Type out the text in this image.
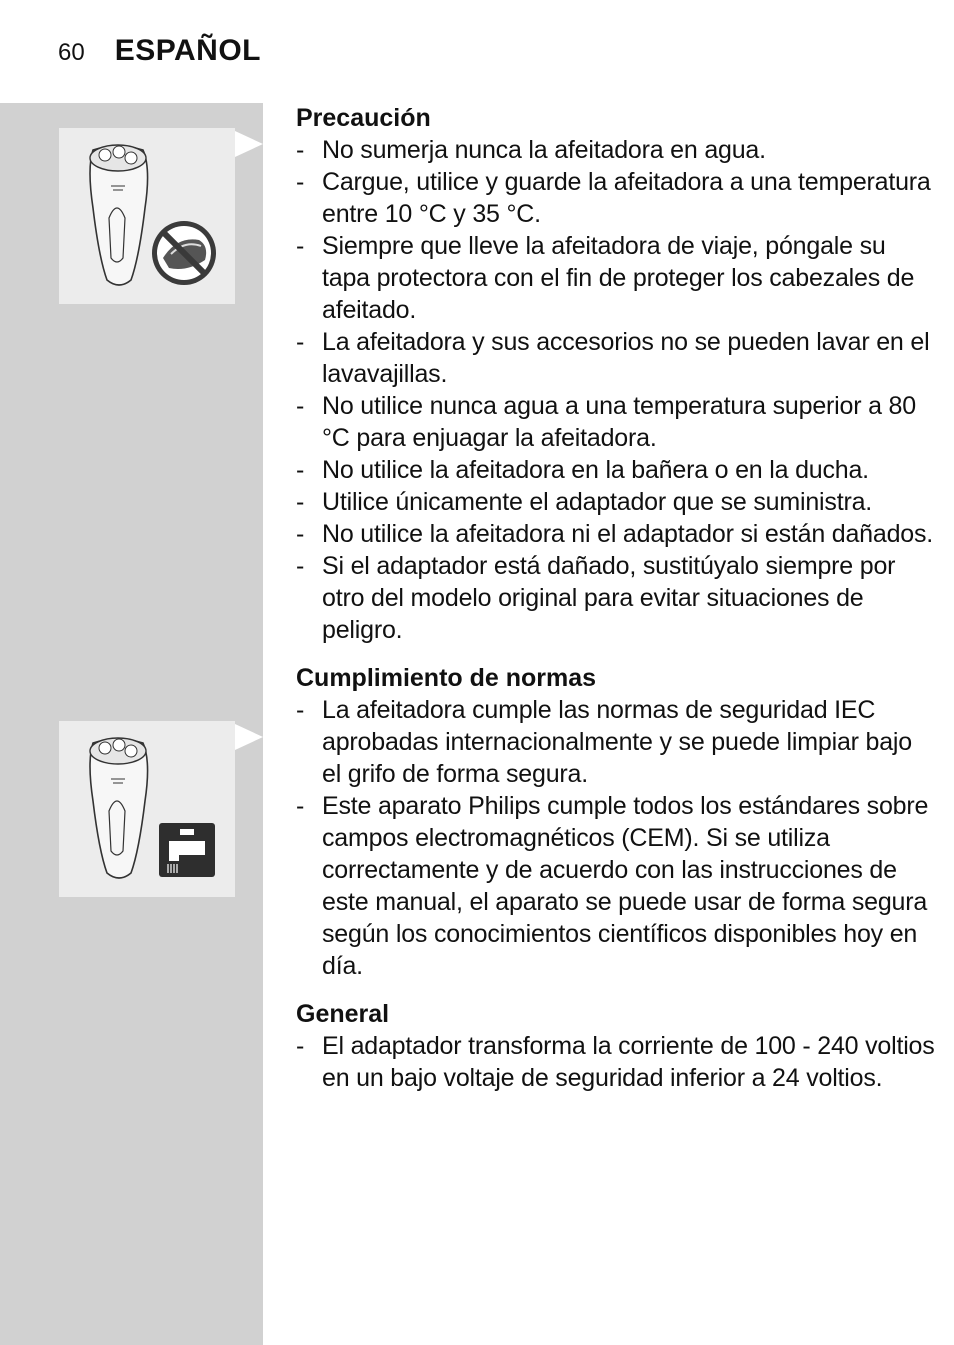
60 ESPAÑOL
Precaución
- No sumerja nunca la afeitadora en agua.
- Cargue, utilice y guarde la afeitadora a una temperatura entre 10 °C y 35 °C.
- Siempre que lleve la afeitadora de viaje, póngale su tapa protectora con el fin de proteger los cabezales de afeitado.
- La afeitadora y sus accesorios no se pueden lavar en el lavavajillas.
- No utilice nunca agua a una temperatura superior a 80 °C para enjuagar la afeitadora.
- No utilice la afeitadora en la bañera o en la ducha.
- Utilice únicamente el adaptador que se suministra.
- No utilice la afeitadora ni el adaptador si están dañados.
- Si el adaptador está dañado, sustitúyalo siempre por otro del modelo original para evitar situaciones de peligro.
Cumplimiento de normas
- La afeitadora cumple las normas de seguridad IEC aprobadas internacionalmente y se puede limpiar bajo el grifo de forma segura.
- Este aparato Philips cumple todos los estándares sobre campos electromagnéticos (CEM). Si se utiliza correctamente y de acuerdo con las instrucciones de este manual, el aparato se puede usar de forma segura según los conocimientos científicos disponibles hoy en día.
General
- El adaptador transforma la corriente de 100 - 240 voltios en un bajo voltaje de seguridad inferior a 24 voltios.
